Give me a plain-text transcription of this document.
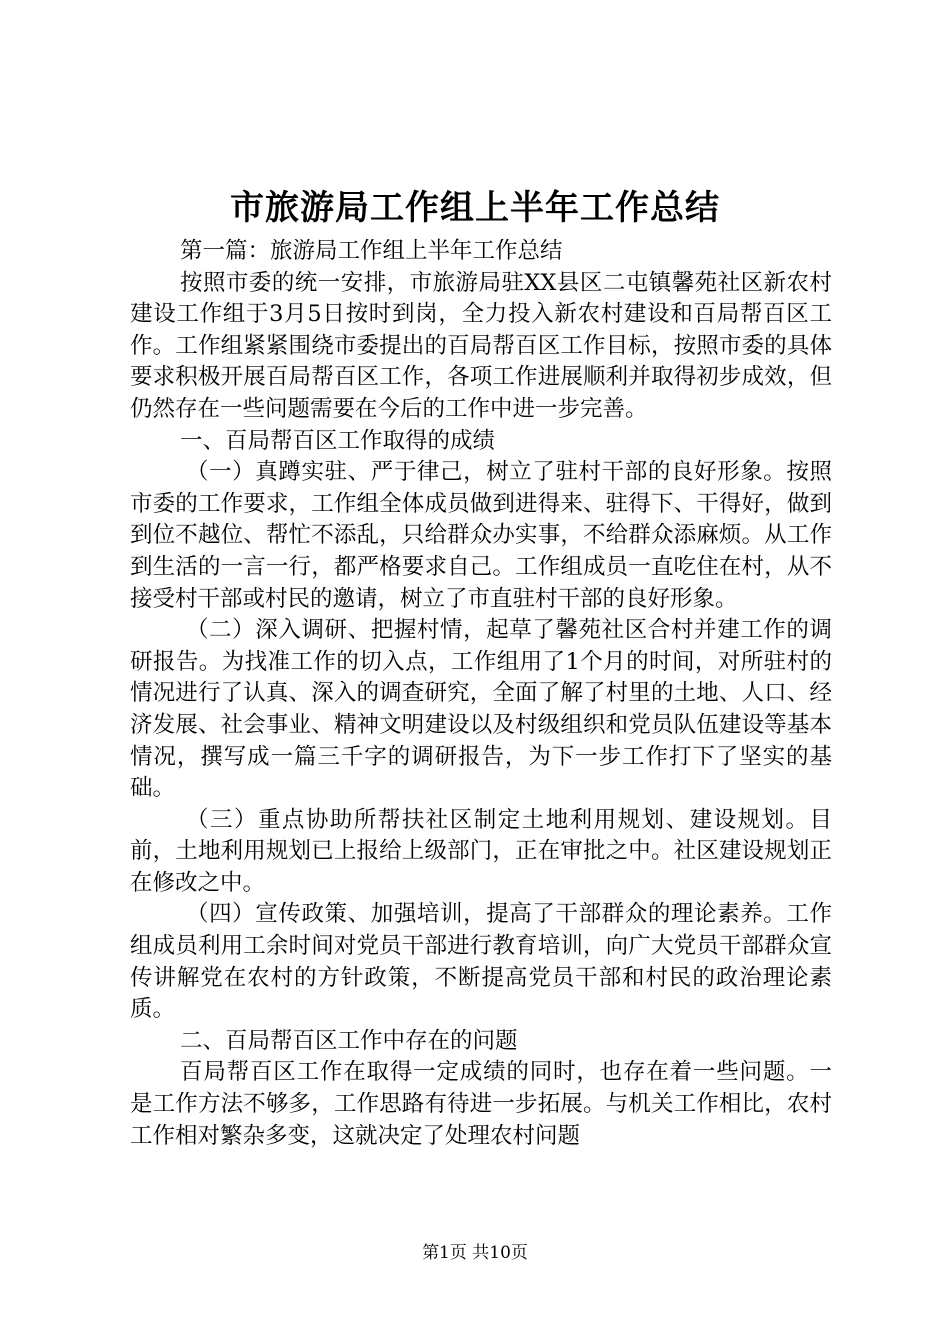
市旅游局工作组上半年工作总结

第一篇：旅游局工作组上半年工作总结

按照市委的统一安排，市旅游局驻XX县区二屯镇馨苑社区新农村建设工作组于3月5日按时到岗，全力投入新农村建设和百局帮百区工作。工作组紧紧围绕市委提出的百局帮百区工作目标，按照市委的具体要求积极开展百局帮百区工作，各项工作进展顺利并取得初步成效，但仍然存在一些问题需要在今后的工作中进一步完善。

一、百局帮百区工作取得的成绩

（一）真蹲实驻、严于律己，树立了驻村干部的良好形象。按照市委的工作要求，工作组全体成员做到进得来、驻得下、干得好，做到到位不越位、帮忙不添乱，只给群众办实事，不给群众添麻烦。从工作到生活的一言一行，都严格要求自己。工作组成员一直吃住在村，从不接受村干部或村民的邀请，树立了市直驻村干部的良好形象。

（二）深入调研、把握村情，起草了馨苑社区合村并建工作的调研报告。为找准工作的切入点，工作组用了1个月的时间，对所驻村的情况进行了认真、深入的调查研究，全面了解了村里的土地、人口、经济发展、社会事业、精神文明建设以及村级组织和党员队伍建设等基本情况，撰写成一篇三千字的调研报告，为下一步工作打下了坚实的基础。

（三）重点协助所帮扶社区制定土地利用规划、建设规划。目前，土地利用规划已上报给上级部门，正在审批之中。社区建设规划正在修改之中。

（四）宣传政策、加强培训，提高了干部群众的理论素养。工作组成员利用工余时间对党员干部进行教育培训，向广大党员干部群众宣传讲解党在农村的方针政策，不断提高党员干部和村民的政治理论素质。

二、百局帮百区工作中存在的问题

百局帮百区工作在取得一定成绩的同时，也存在着一些问题。一是工作方法不够多，工作思路有待进一步拓展。与机关工作相比，农村工作相对繁杂多变，这就决定了处理农村问题

第1页 共10页
